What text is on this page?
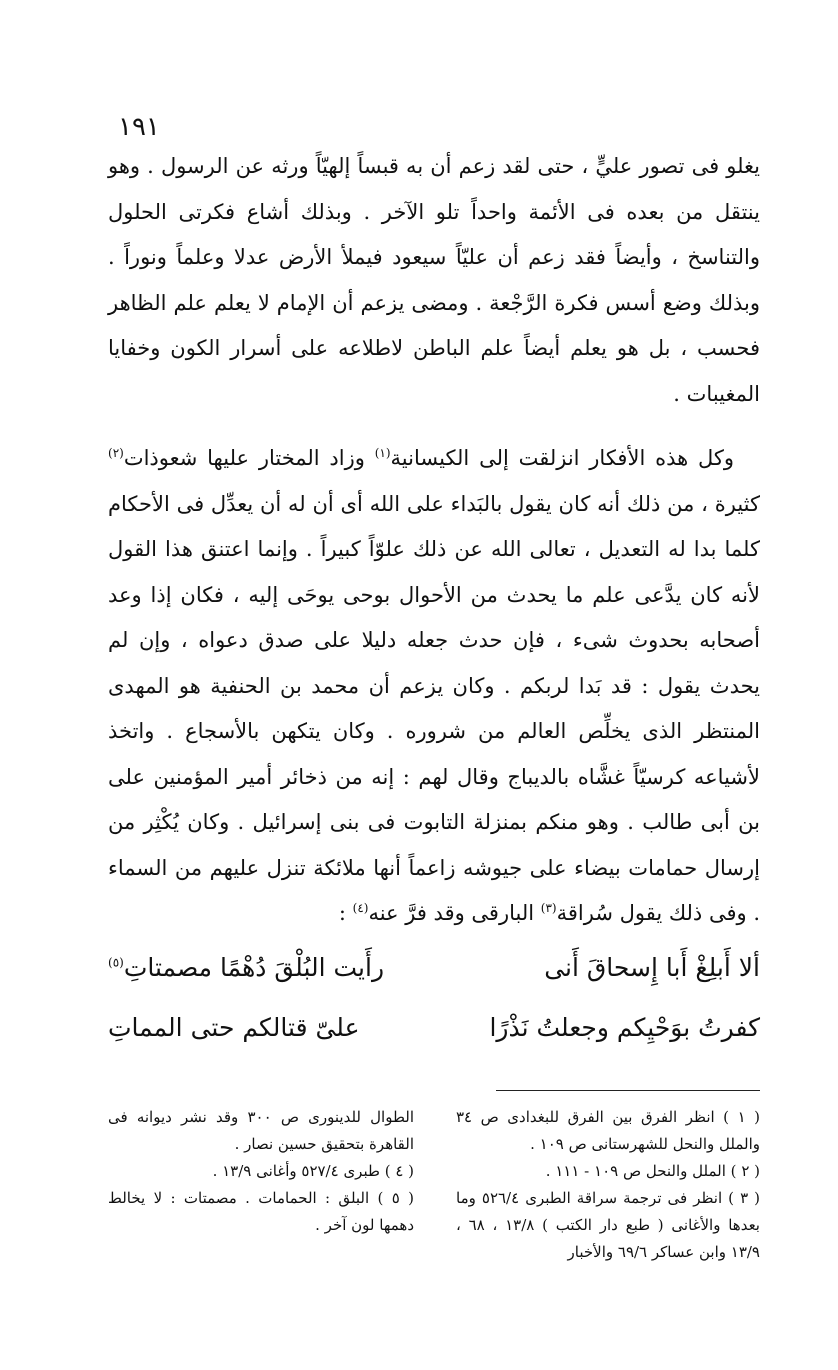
١٩١
يغلو فى تصور عليٍّ ، حتى لقد زعم أن به قبساً إلهيّاً ورثه عن الرسول . وهو ينتقل من بعده فى الأئمة واحداً تلو الآخر . وبذلك أشاع فكرتى الحلول والتناسخ ، وأيضاً فقد زعم أن عليّاً سيعود فيملأ الأرض عدلا وعلماً ونوراً . وبذلك وضع أسس فكرة الرَّجْعة . ومضى يزعم أن الإمام لا يعلم علم الظاهر فحسب ، بل هو يعلم أيضاً علم الباطن لاطلاعه على أسرار الكون وخفايا المغيبات .
وكل هذه الأفكار انزلقت إلى الكيسانية$^{(١)}$ وزاد المختار عليها شعوذات$^{(٢)}$ كثيرة ، من ذلك أنه كان يقول بالبَداء على الله أى أن له أن يعدِّل فى الأحكام كلما بدا له التعديل ، تعالى الله عن ذلك علوّاً كبيراً . وإنما اعتنق هذا القول لأنه كان يدَّعى علم ما يحدث من الأحوال بوحى يوحَى إليه ، فكان إذا وعد أصحابه بحدوث شىء ، فإن حدث جعله دليلا على صدق دعواه ، وإن لم يحدث يقول : قد بَدا لربكم . وكان يزعم أن محمد بن الحنفية هو المهدى المنتظر الذى يخلِّص العالم من شروره . وكان يتكهن بالأسجاع . واتخذ لأشياعه كرسيّاً غشَّاه بالديباج وقال لهم : إنه من ذخائر أمير المؤمنين على بن أبى طالب . وهو منكم بمنزلة التابوت فى بنى إسرائيل . وكان يُكْثِر من إرسال حمامات بيضاء على جيوشه زاعماً أنها ملائكة تنزل عليهم من السماء . وفى ذلك يقول سُراقة$^{(٣)}$ البارقى وقد فرَّ عنه$^{(٤)}$ :
ألا أَبلِغْ أَبا إِسحاقَ أَنى
رأَيت البُلْقَ دُهْمًا مصمتاتِ$^{(٥)}$
كفرتُ بوَحْيِكم وجعلتُ نَذْرًا
علىّ قتالكم حتى المماتِ
( ١ ) انظر الفرق بين الفرق للبغدادى ص ٣٤ والملل والنحل للشهرستانى ص ١٠٩ .
( ٢ ) الملل والنحل ص ١٠٩ - ١١١ .
( ٣ ) انظر فى ترجمة سراقة الطبرى ٥٢٦/٤ وما بعدها والأغانى ( طبع دار الكتب ) ١٣/٨ ، ٦٨ ، ١٣/٩ وابن عساكر ٦٩/٦ والأخبار
الطوال للدينورى ص ٣٠٠ وقد نشر ديوانه فى القاهرة بتحقيق حسين نصار .
( ٤ ) طبرى ٥٢٧/٤ وأغانى ١٣/٩ .
( ٥ ) البلق : الحمامات . مصمتات : لا يخالط دهمها لون آخر .
